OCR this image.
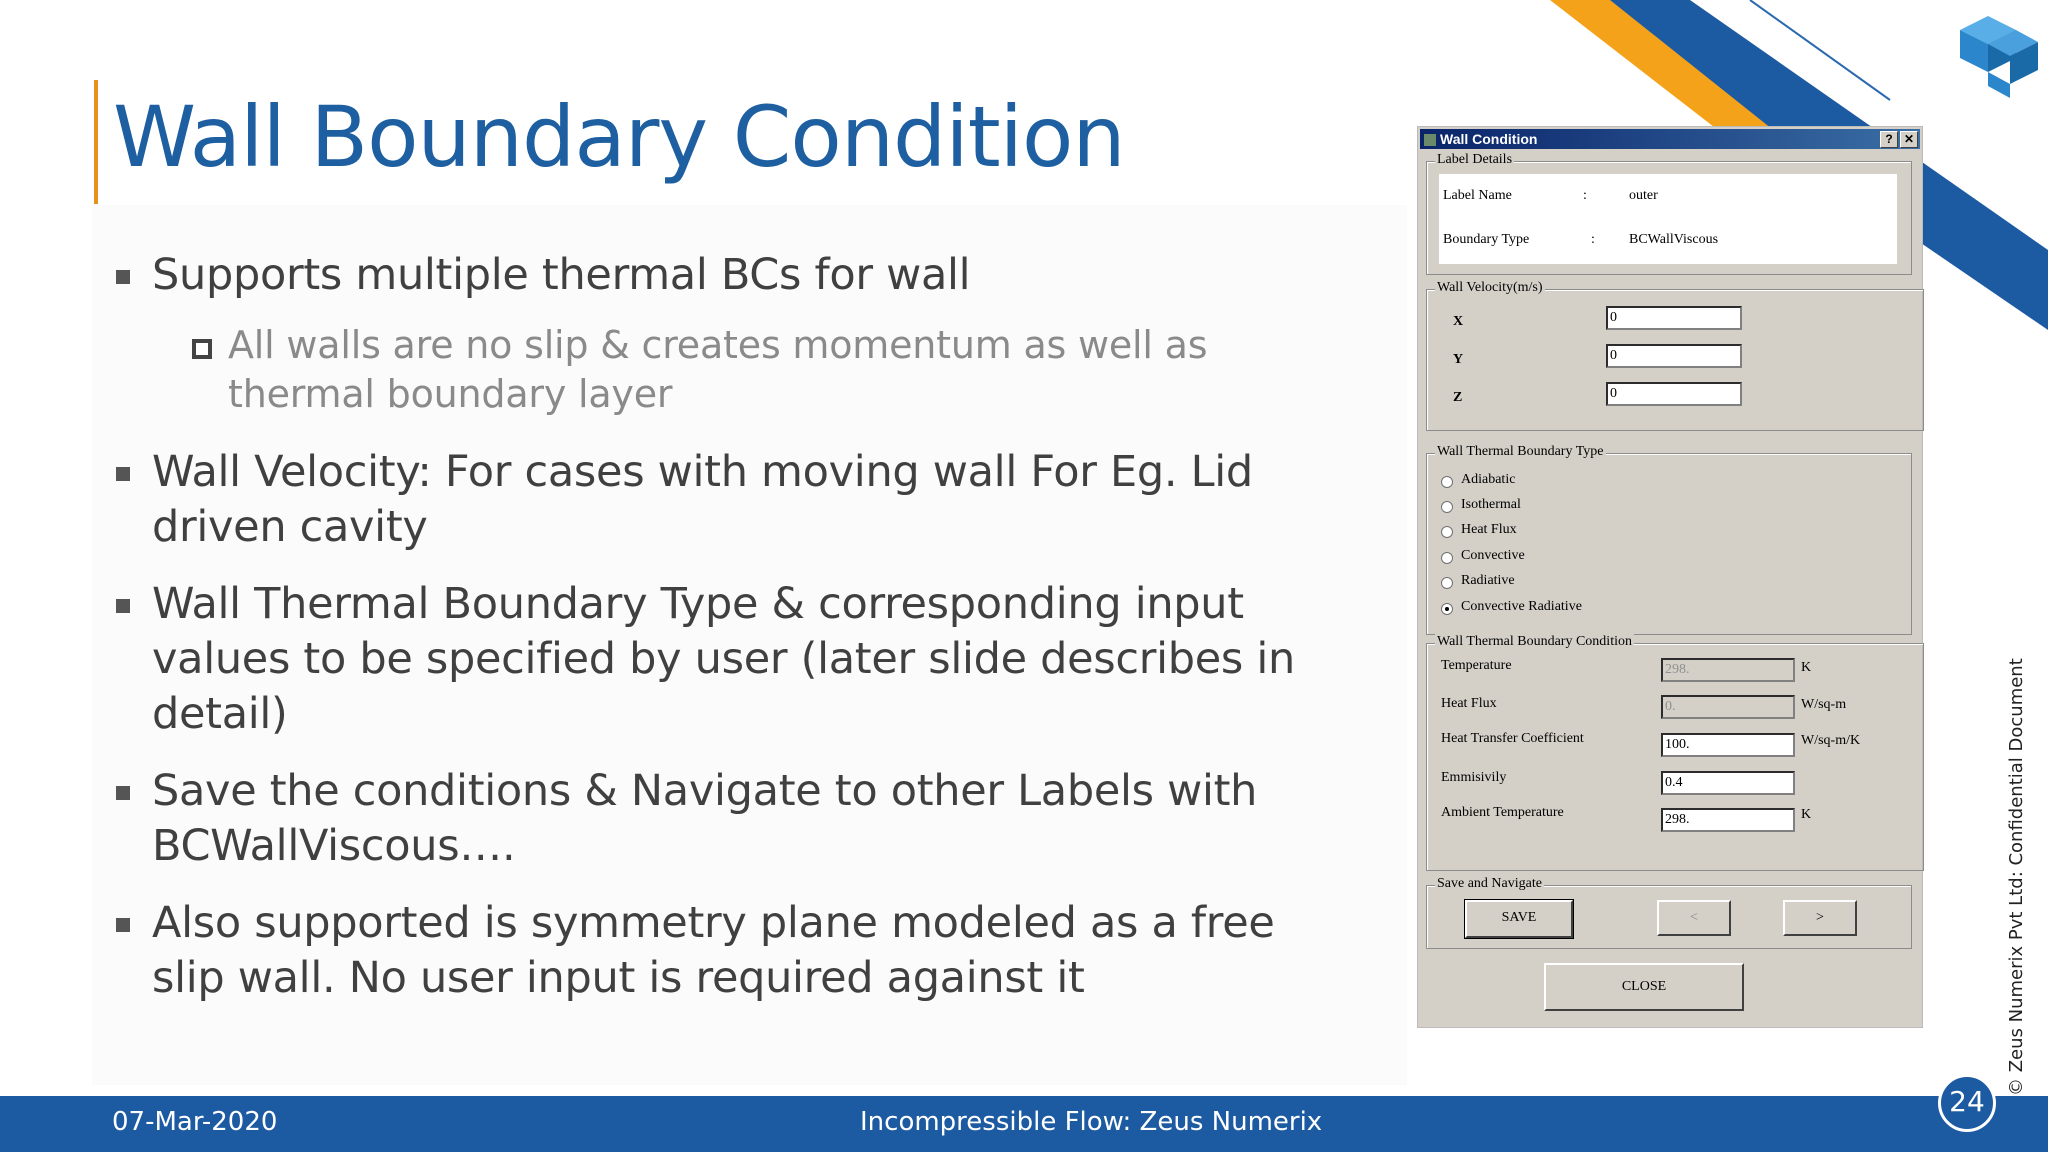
Wall Boundary Condition
Supports multiple thermal BCs for wall
All walls are no slip & creates momentum as well as thermal boundary layer
Wall Velocity: For cases with moving wall For Eg. Lid driven cavity
Wall Thermal Boundary Type & corresponding input values to be specified by user (later slide describes in detail)
Save the conditions & Navigate to other Labels with BCWallViscous….
Also supported is symmetry plane modeled as a free slip wall. No user input is required against it
Wall Condition	? ✕
Label Details
Label Name	:	outer
Boundary Type	: BCWallViscous
Wall Velocity(m/s)
X	0
Y	0
Z	0
Wall Thermal Boundary Type
Adiabatic
Isothermal
Heat Flux
Convective
Radiative
Convective Radiative
Wall Thermal Boundary Condition
Temperature	298.	K
Heat Flux	0.	W/sq-m
Heat Transfer Coefficient	100.	W/sq-m/K
Emmisivily	0.4
Ambient Temperature	298.	K
Save and Navigate
SAVE	<	>
CLOSE	© Zeus Numerix Pvt Ltd: Confidential Document
07-Mar-2020	Incompressible Flow: Zeus Numerix
24
